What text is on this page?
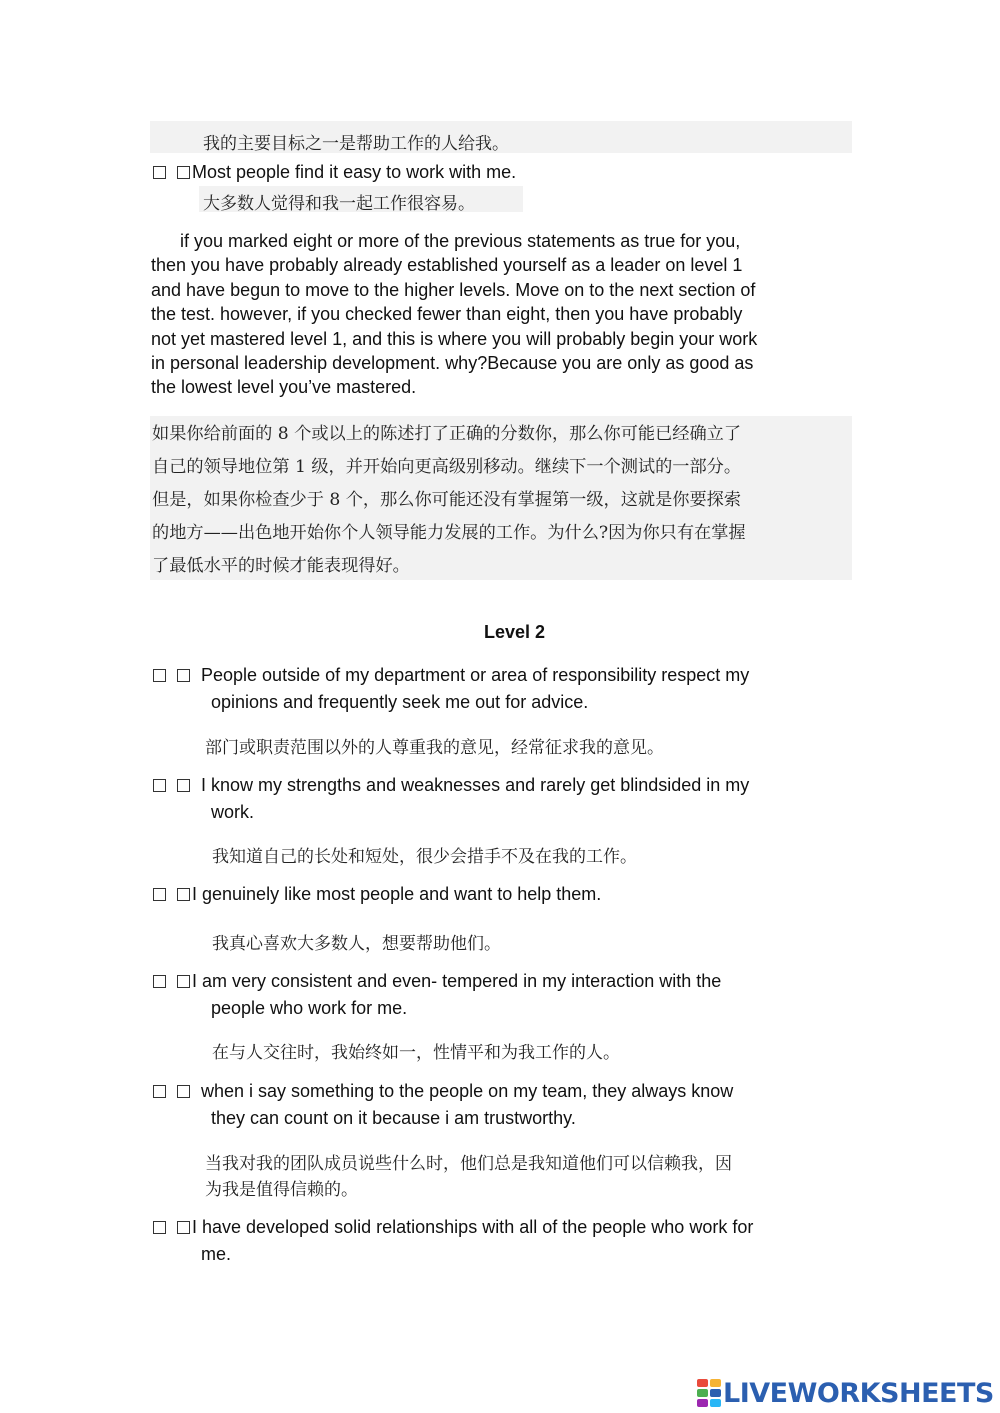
我的主要目标之一是帮助工作的人给我。
Most people find it easy to work with me.
大多数人觉得和我一起工作很容易。
if you marked eight or more of the previous statements as true for you,
then you have probably already established yourself as a leader on level 1
and have begun to move to the higher levels. Move on to the next section of
the test. however, if you checked fewer than eight, then you have probably
not yet mastered level 1, and this is where you will probably begin your work
in personal leadership development. why?Because you are only as good as
the lowest level you’ve mastered.
如果你给前面的 8 个或以上的陈述打了正确的分数你，那么你可能已经确立了
自己的领导地位第 1 级，并开始向更高级别移动。继续下一个测试的一部分。
但是，如果你检查少于 8 个，那么你可能还没有掌握第一级，这就是你要探索
的地方——出色地开始你个人领导能力发展的工作。为什么?因为你只有在掌握
了最低水平的时候才能表现得好。
Level 2
People outside of my department or area of responsibility respect my
opinions and frequently seek me out for advice.
部门或职责范围以外的人尊重我的意见，经常征求我的意见。
I know my strengths and weaknesses and rarely get blindsided in my
work.
我知道自己的长处和短处，很少会措手不及在我的工作。
I genuinely like most people and want to help them.
我真心喜欢大多数人，想要帮助他们。
I am very consistent and even- tempered in my interaction with the
people who work for me.
在与人交往时，我始终如一，性情平和为我工作的人。
when i say something to the people on my team, they always know
they can count on it because i am trustworthy.
当我对我的团队成员说些什么时，他们总是我知道他们可以信赖我，因
为我是值得信赖的。
I have developed solid relationships with all of the people who work for
me.
LIVEWORKSHEETS
